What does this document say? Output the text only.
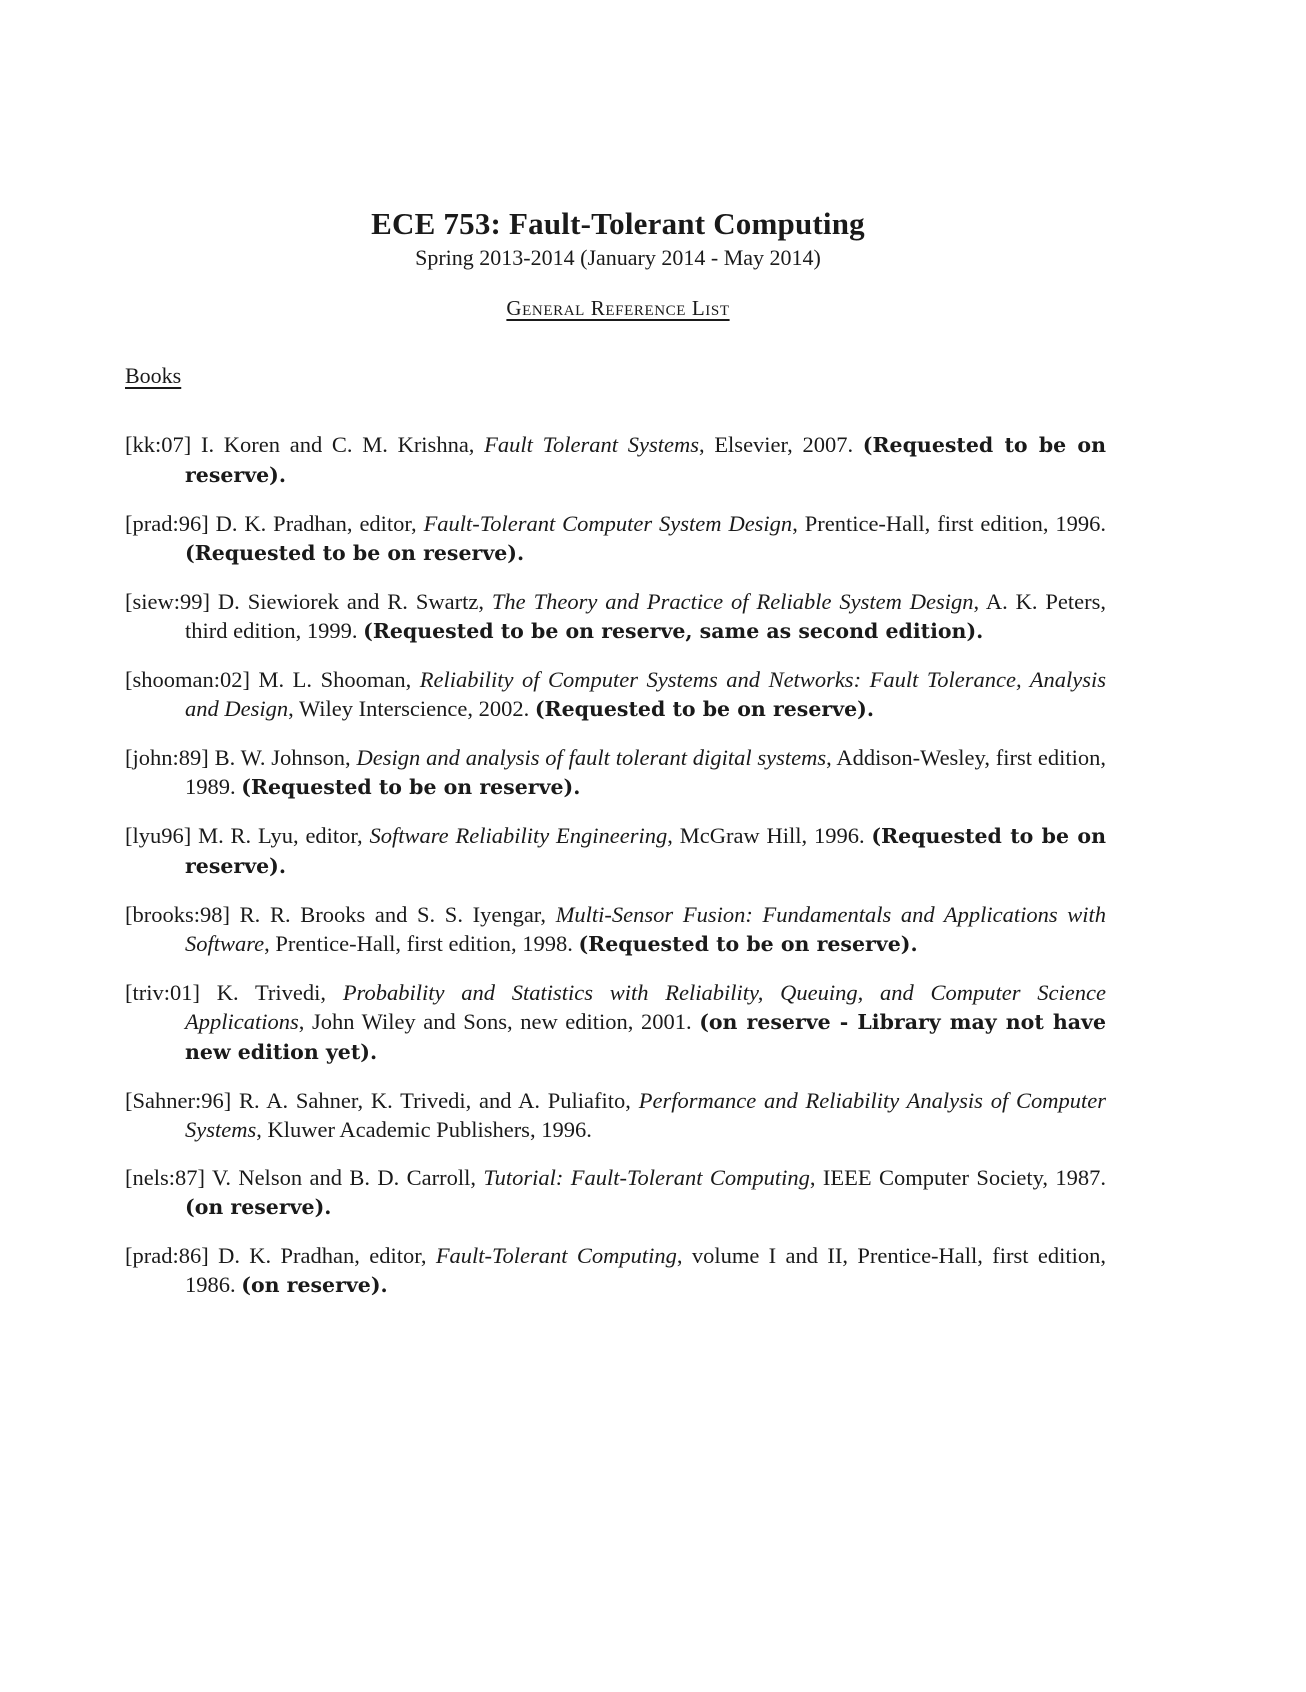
ECE 753: Fault-Tolerant Computing
Spring 2013-2014 (January 2014 - May 2014)
General Reference List
Books
[kk:07] I. Koren and C. M. Krishna, Fault Tolerant Systems, Elsevier, 2007. (Requested to be on reserve).
[prad:96] D. K. Pradhan, editor, Fault-Tolerant Computer System Design, Prentice-Hall, first edition, 1996. (Requested to be on reserve).
[siew:99] D. Siewiorek and R. Swartz, The Theory and Practice of Reliable System Design, A. K. Peters, third edition, 1999. (Requested to be on reserve, same as second edition).
[shooman:02] M. L. Shooman, Reliability of Computer Systems and Networks: Fault Tolerance, Analysis and Design, Wiley Interscience, 2002. (Requested to be on reserve).
[john:89] B. W. Johnson, Design and analysis of fault tolerant digital systems, Addison-Wesley, first edition, 1989. (Requested to be on reserve).
[lyu96] M. R. Lyu, editor, Software Reliability Engineering, McGraw Hill, 1996. (Requested to be on reserve).
[brooks:98] R. R. Brooks and S. S. Iyengar, Multi-Sensor Fusion: Fundamentals and Applications with Software, Prentice-Hall, first edition, 1998. (Requested to be on reserve).
[triv:01] K. Trivedi, Probability and Statistics with Reliability, Queuing, and Computer Science Applications, John Wiley and Sons, new edition, 2001. (on reserve - Library may not have new edition yet).
[Sahner:96] R. A. Sahner, K. Trivedi, and A. Puliafito, Performance and Reliability Analysis of Computer Systems, Kluwer Academic Publishers, 1996.
[nels:87] V. Nelson and B. D. Carroll, Tutorial: Fault-Tolerant Computing, IEEE Computer Society, 1987. (on reserve).
[prad:86] D. K. Pradhan, editor, Fault-Tolerant Computing, volume I and II, Prentice-Hall, first edition, 1986. (on reserve).
